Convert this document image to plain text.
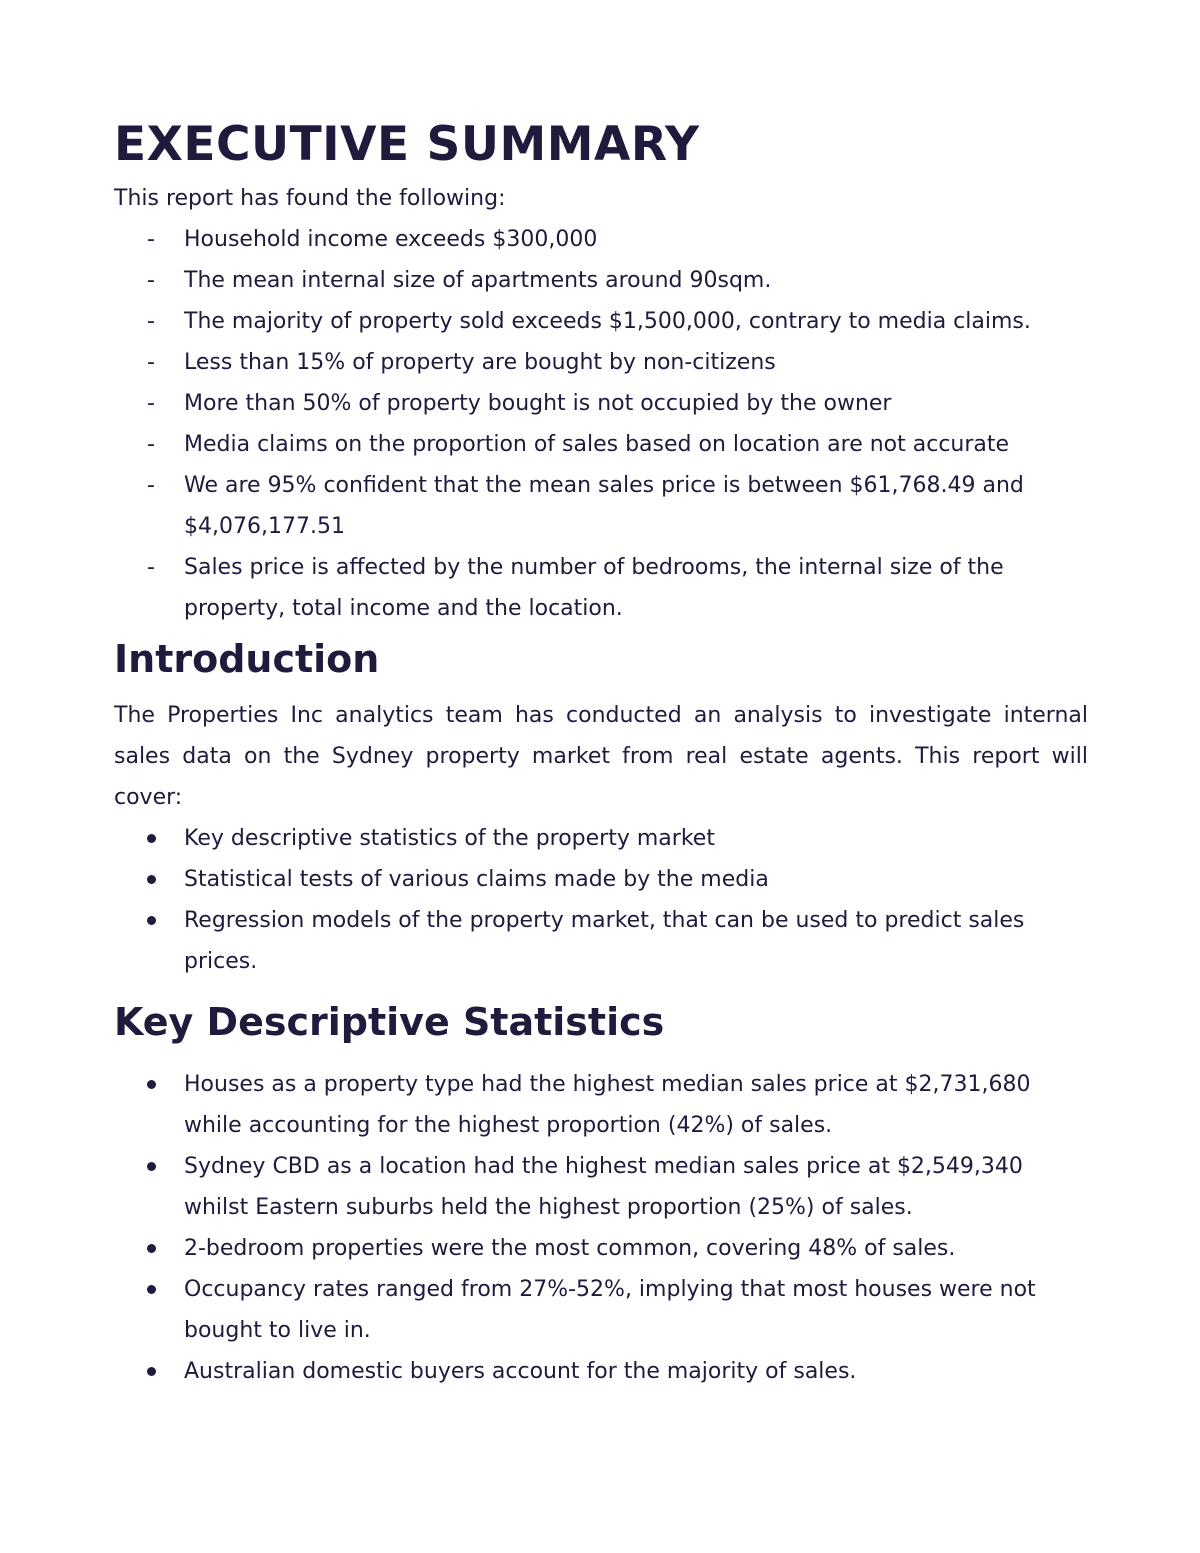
EXECUTIVE SUMMARY

This report has found the following:

-	Household income exceeds $300,000
-	The mean internal size of apartments around 90sqm.
-	The majority of property sold exceeds $1,500,000, contrary to media claims.
-	Less than 15% of property are bought by non-citizens
-	More than 50% of property bought is not occupied by the owner
-	Media claims on the proportion of sales based on location are not accurate
-	We are 95% confident that the mean sales price is between $61,768.49 and $4,076,177.51
-	Sales price is affected by the number of bedrooms, the internal size of the property, total income and the location.
Introduction

The Properties Inc analytics team has conducted an analysis to investigate internal sales data on the Sydney property market from real estate agents. This report will cover:

Key descriptive statistics of the property market
Statistical tests of various claims made by the media
Regression models of the property market, that can be used to predict sales prices.
Key Descriptive Statistics
Houses as a property type had the highest median sales price at $2,731,680 while accounting for the highest proportion (42%) of sales.
Sydney CBD as a location had the highest median sales price at $2,549,340 whilst Eastern suburbs held the highest proportion (25%) of sales.
2-bedroom properties were the most common, covering 48% of sales.
Occupancy rates ranged from 27%-52%, implying that most houses were not bought to live in.
Australian domestic buyers account for the majority of sales.
